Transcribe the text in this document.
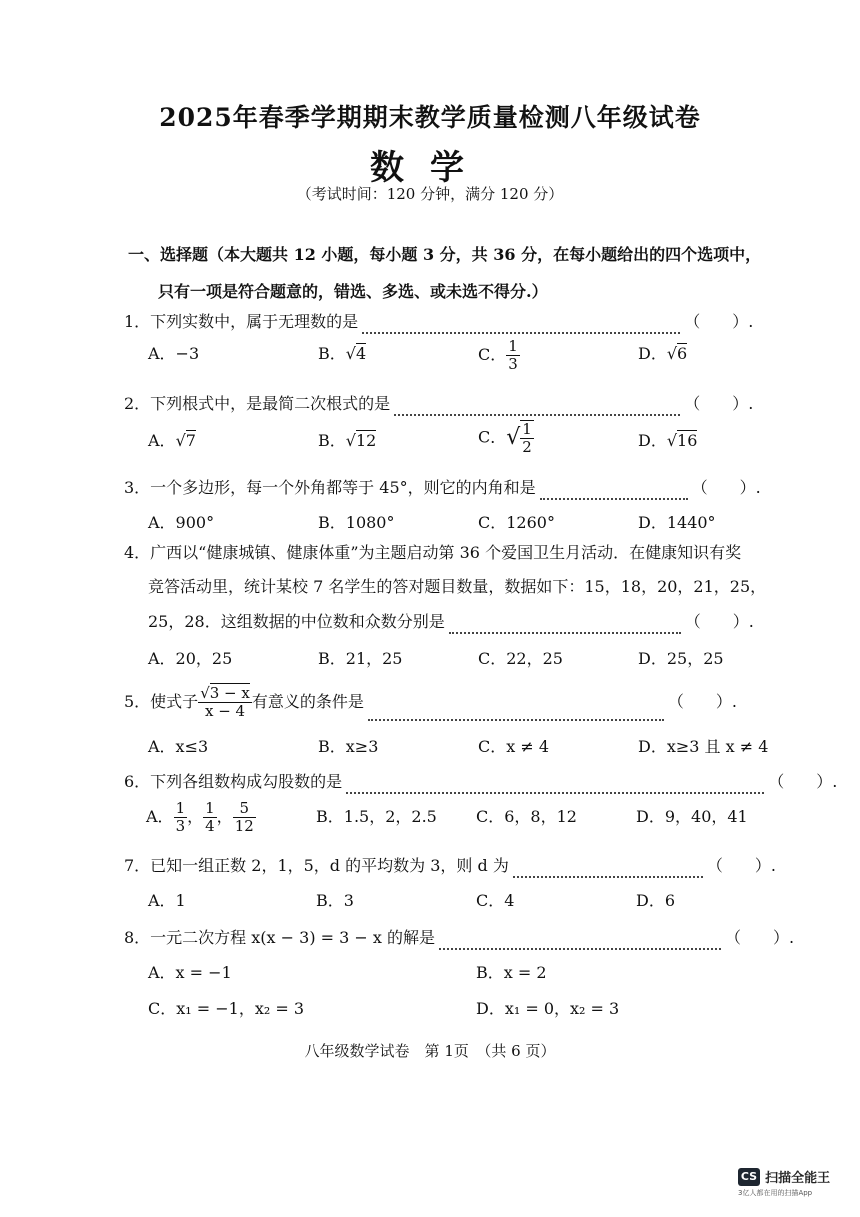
2025年春季学期期末教学质量检测八年级试卷
数学
（考试时间：120 分钟，满分 120 分）
一、选择题（本大题共 12 小题，每小题 3 分，共 36 分，在每小题给出的四个选项中，
只有一项是符合题意的，错选、多选、或未选不得分.）
1．下列实数中，属于无理数的是	（　　）.
A．−3	B．√4	C． $\frac{1}{3}$	D．√6
2．下列根式中，是最简二次根式的是	（　　）.
A．√7	B．√12	C．√ $\frac{1}{2}$	D．√16
3．一个多边形，每一个外角都等于 45°，则它的内角和是	（　　）.
A．900°	B．1080°	C．1260°	D．1440°
4．广西以“健康城镇、健康体重”为主题启动第 36 个爱国卫生月活动．在健康知识有奖
竞答活动里，统计某校 7 名学生的答对题目数量，数据如下：15，18，20，21，25，
25，28．这组数据的中位数和众数分别是	（　　）.
A．20，25	B．21，25	C．22，25	D．25，25
5．使式子 $\frac{√3 - x}{x - 4}$ 有意义的条件是	（　　）.
A．x≤3	B．x≥3	C．x ≠ 4	D．x≥3 且 x ≠ 4
6．下列各组数构成勾股数的是	（　　）.
A． $\frac{1}{3}$ ， $\frac{1}{4}$ ， $\frac{5}{12}$	B．1.5，2，2.5 C．6，8，12	D．9，40，41
7．已知一组正数 2，1，5，d 的平均数为 3，则 d 为	（　　）.
A．1	B．3	C．4	D．6
8．一元二次方程 x(x − 3) = 3 − x 的解是	（　　）.
A．x = −1	B．x = 2
C．x₁ = −1，x₂ = 3	D．x₁ = 0，x₂ = 3
八年级数学试卷　第 1页　（共 6 页）
CS 扫描全能王
3亿人都在用的扫描App
